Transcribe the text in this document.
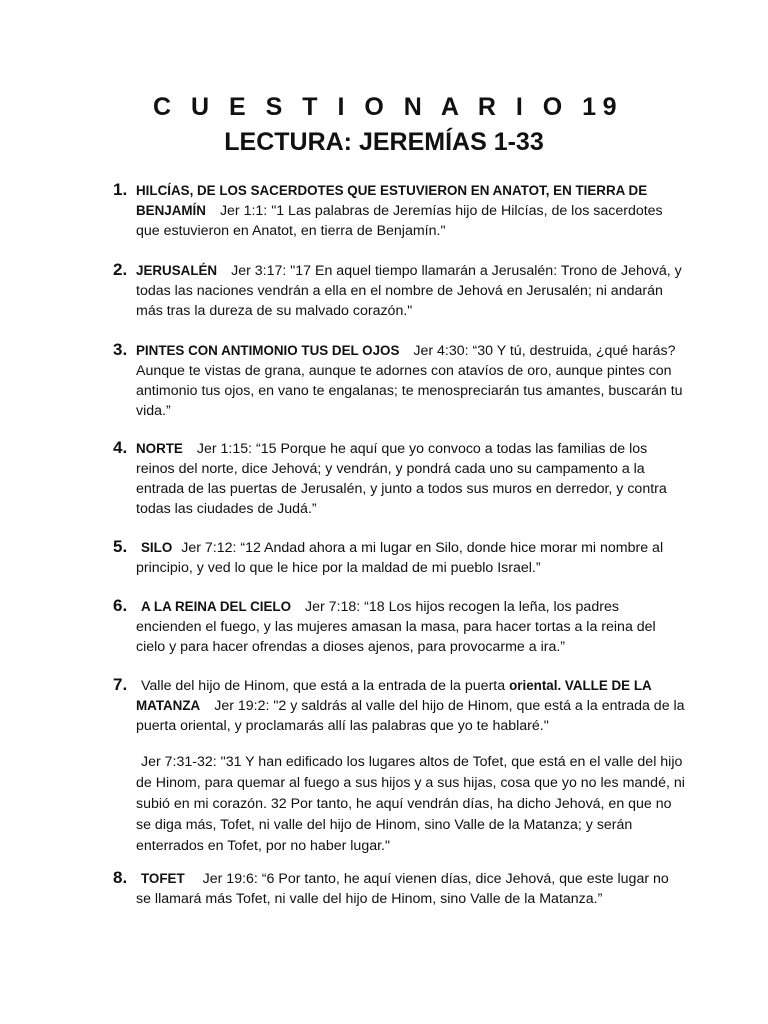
C U E S T I O N A R I O 19
LECTURA: JEREMÍAS 1-33
1. HILCÍAS, DE LOS SACERDOTES QUE ESTUVIERON EN ANATOT, EN TIERRA DE BENJAMÍN Jer 1:1: "1 Las palabras de Jeremías hijo de Hilcías, de los sacerdotes que estuvieron en Anatot, en tierra de Benjamín."
2. JERUSALÉN Jer 3:17: "17 En aquel tiempo llamarán a Jerusalén: Trono de Jehová, y todas las naciones vendrán a ella en el nombre de Jehová en Jerusalén; ni andarán más tras la dureza de su malvado corazón."
3. PINTES CON ANTIMONIO TUS DEL OJOS Jer 4:30: “30 Y tú, destruida, ¿qué harás? Aunque te vistas de grana, aunque te adornes con atavíos de oro, aunque pintes con antimonio tus ojos, en vano te engalanas; te menospreciarán tus amantes, buscarán tu vida.”
4. NORTE Jer 1:15: “15 Porque he aquí que yo convoco a todas las familias de los reinos del norte, dice Jehová; y vendrán, y pondrá cada uno su campamento a la entrada de las puertas de Jerusalén, y junto a todos sus muros en derredor, y contra todas las ciudades de Judá.”
5.	SILO Jer 7:12: “12 Andad ahora a mi lugar en Silo, donde hice morar mi nombre al principio, y ved lo que le hice por la maldad de mi pueblo Israel.”
6.	A LA REINA DEL CIELO Jer 7:18: “18 Los hijos recogen la leña, los padres encienden el fuego, y las mujeres amasan la masa, para hacer tortas a la reina del cielo y para hacer ofrendas a dioses ajenos, para provocarme a ira.”
7. Valle del hijo de Hinom, que está a la entrada de la puerta oriental. VALLE DE LA MATANZA Jer 19:2: "2 y saldrás al valle del hijo de Hinom, que está a la entrada de la puerta oriental, y proclamarás allí las palabras que yo te hablaré."
Jer 7:31-32: "31 Y han edificado los lugares altos de Tofet, que está en el valle del hijo de Hinom, para quemar al fuego a sus hijos y a sus hijas, cosa que yo no les mandé, ni subió en mi corazón. 32 Por tanto, he aquí vendrán días, ha dicho Jehová, en que no se diga más, Tofet, ni valle del hijo de Hinom, sino Valle de la Matanza; y serán enterrados en Tofet, por no haber lugar."
8.	TOFET Jer 19:6: “6 Por tanto, he aquí vienen días, dice Jehová, que este lugar no se llamará más Tofet, ni valle del hijo de Hinom, sino Valle de la Matanza.”
